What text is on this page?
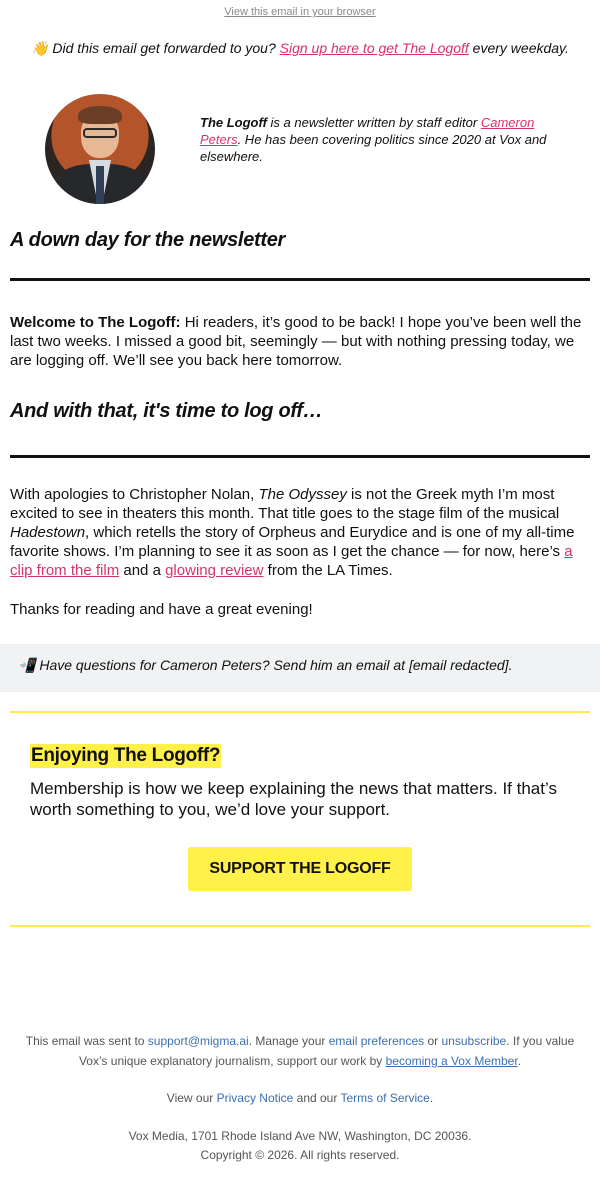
View this email in your browser
👋 Did this email get forwarded to you? Sign up here to get The Logoff every weekday.
The Logoff is a newsletter written by staff editor Cameron Peters. He has been covering politics since 2020 at Vox and elsewhere.
A down day for the newsletter
Welcome to The Logoff: Hi readers, it’s good to be back! I hope you’ve been well the last two weeks. I missed a good bit, seemingly — but with nothing pressing today, we are logging off. We’ll see you back here tomorrow.
And with that, it's time to log off…
With apologies to Christopher Nolan, The Odyssey is not the Greek myth I’m most excited to see in theaters this month. That title goes to the stage film of the musical Hadestown, which retells the story of Orpheus and Eurydice and is one of my all-time favorite shows. I’m planning to see it as soon as I get the chance — for now, here’s a clip from the film and a glowing review from the LA Times.
Thanks for reading and have a great evening!
📲 Have questions for Cameron Peters? Send him an email at [email redacted].
Enjoying The Logoff?
Membership is how we keep explaining the news that matters. If that’s worth something to you, we’d love your support.
SUPPORT THE LOGOFF
This email was sent to support@migma.ai. Manage your email preferences or unsubscribe. If you value Vox’s unique explanatory journalism, support our work by becoming a Vox Member.
View our Privacy Notice and our Terms of Service.
Vox Media, 1701 Rhode Island Ave NW, Washington, DC 20036.
Copyright © 2026. All rights reserved.
